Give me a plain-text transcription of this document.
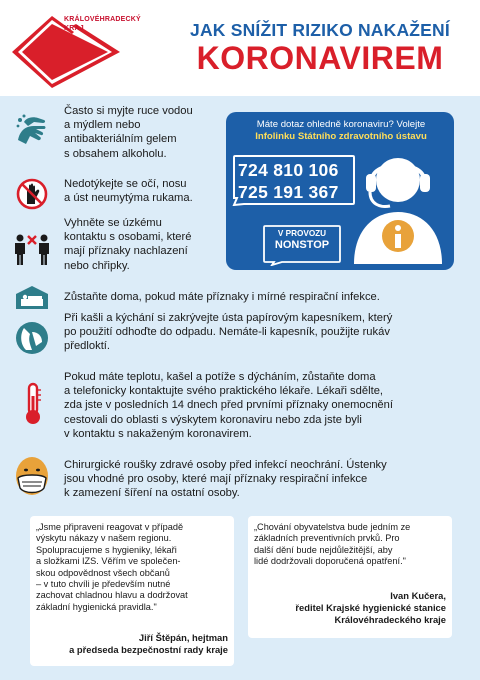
KRÁLOVÉHRADECKÝ
KRAJ	JAK SNÍŽIT RIZIKO NAKAŽENÍ
KORONAVIREM
Často si myjte ruce vodou
a mýdlem nebo
antibakteriálním gelem
s obsahem alkoholu.
Nedotýkejte se očí, nosu
a úst neumytýma rukama.
Vyhněte se úzkému
kontaktu s osobami, které
mají příznaky nachlazení
nebo chřipky.
Máte dotaz ohledně koronaviru? Volejte
Infolinku Státního zdravotního ústavu
724 810 106
725 191 367
V PROVOZU
NONSTOP
Zůstaňte doma, pokud máte příznaky i mírné respirační infekce.
Při kašli a kýchání si zakrývejte ústa papírovým kapesníkem, který
po použití odhoďte do odpadu. Nemáte-li kapesník, použijte rukáv
předloktí.
Pokud máte teplotu, kašel a potíže s dýcháním, zůstaňte doma
a telefonicky kontaktujte svého praktického lékaře. Lékaři sdělte,
zda jste v posledních 14 dnech před prvními příznaky onemocnění
cestovali do oblasti s výskytem koronaviru nebo zda jste byli
v kontaktu s nakaženým koronavirem.
Chirurgické roušky zdravé osoby před infekcí neochrání. Ústenky
jsou vhodné pro osoby, které mají příznaky respirační infekce
k zamezení šíření na ostatní osoby.
„Jsme připraveni reagovat v případě
výskytu nákazy v našem regionu.
Spolupracujeme s hygieniky, lékaři
a složkami IZS. Věřím ve společen-
skou odpovědnost všech občanů
– v tuto chvíli je především nutné
zachovat chladnou hlavu a dodržovat
základní hygienická pravidla."
Jiří Štěpán, hejtman
a předseda bezpečnostní rady kraje
„Chování obyvatelstva bude jedním ze
základních preventivních prvků. Pro
další dění bude nejdůležitější, aby
lidé dodržovali doporučená opatření."
Ivan Kučera,
ředitel Krajské hygienické stanice
Královéhradeckého kraje
